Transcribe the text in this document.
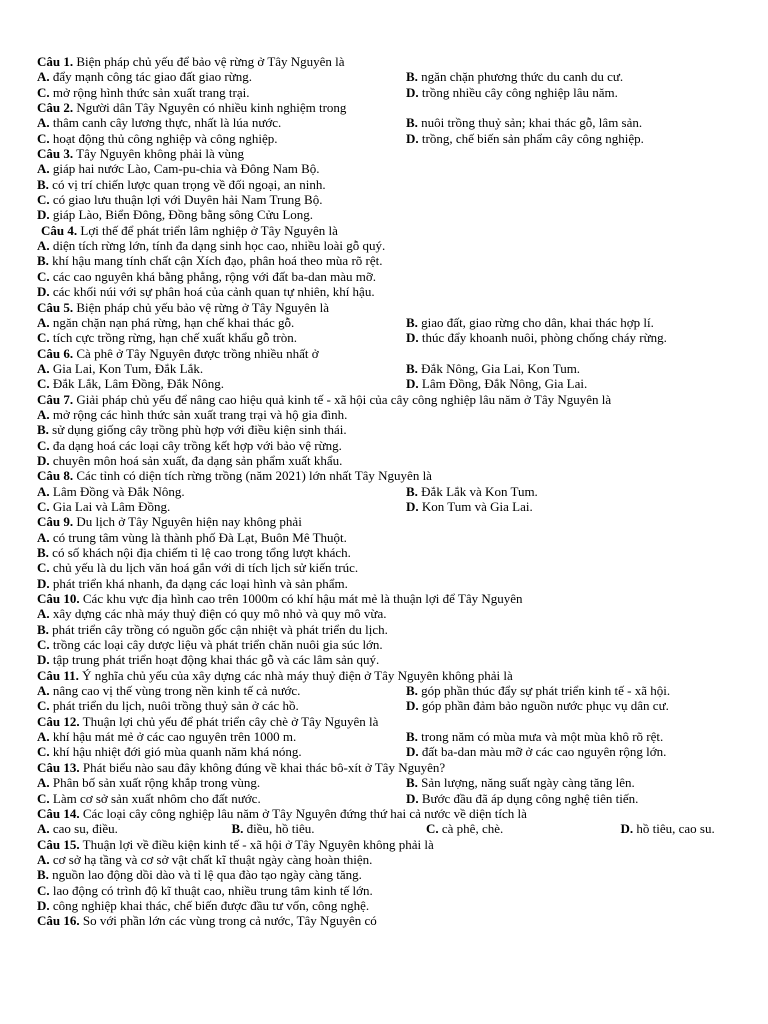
Câu 1. Biện pháp chủ yếu để bảo vệ rừng ở Tây Nguyên là
A. đẩy mạnh công tác giao đất giao rừng.	B. ngăn chặn phương thức du canh du cư.
C. mở rộng hình thức sản xuất trang trại.	D. trồng nhiều cây công nghiệp lâu năm.
Câu 2. Người dân Tây Nguyên có nhiều kinh nghiệm trong
A. thâm canh cây lương thực, nhất là lúa nước.	B. nuôi trồng thuỷ sản; khai thác gỗ, lâm sản.
C. hoạt động thủ công nghiệp và công nghiệp.	D. trồng, chế biến sản phẩm cây công nghiệp.
Câu 3. Tây Nguyên không phải là vùng
A. giáp hai nước Lào, Cam-pu-chia và Đông Nam Bộ.
B. có vị trí chiến lược quan trọng về đối ngoại, an ninh.
C. có giao lưu thuận lợi với Duyên hải Nam Trung Bộ.
D. giáp Lào, Biển Đông, Đồng bằng sông Cửu Long.
Câu 4. Lợi thế để phát triển lâm nghiệp ở Tây Nguyên là
A. diện tích rừng lớn, tính đa dạng sinh học cao, nhiều loài gỗ quý.
B. khí hậu mang tính chất cận Xích đạo, phân hoá theo mùa rõ rệt.
C. các cao nguyên khá bằng phẳng, rộng với đất ba-dan màu mỡ.
D. các khối núi với sự phân hoá của cảnh quan tự nhiên, khí hậu.
Câu 5. Biện pháp chủ yếu bảo vệ rừng ở Tây Nguyên là
A. ngăn chặn nạn phá rừng, hạn chế khai thác gỗ.	B. giao đất, giao rừng cho dân, khai thác hợp lí.
C. tích cực trồng rừng, hạn chế xuất khẩu gỗ tròn.	D. thúc đẩy khoanh nuôi, phòng chống cháy rừng.
Câu 6. Cà phê ở Tây Nguyên được trồng nhiều nhất ở
A. Gia Lai, Kon Tum, Đắk Lắk.	B. Đắk Nông, Gia Lai, Kon Tum.
C. Đắk Lắk, Lâm Đồng, Đắk Nông.	D. Lâm Đồng, Đắk Nông, Gia Lai.
Câu 7. Giải pháp chủ yếu để nâng cao hiệu quả kinh tế - xã hội của cây công nghiệp lâu năm ở Tây Nguyên là
A. mở rộng các hình thức sản xuất trang trại và hộ gia đình.
B. sử dụng giống cây trồng phù hợp với điều kiện sinh thái.
C. đa dạng hoá các loại cây trồng kết hợp với bảo vệ rừng.
D. chuyên môn hoá sản xuất, đa dạng sản phẩm xuất khẩu.
Câu 8. Các tỉnh có diện tích rừng trồng (năm 2021) lớn nhất Tây Nguyên là
A. Lâm Đồng và Đắk Nông.	B. Đắk Lắk và Kon Tum.
C. Gia Lai và Lâm Đồng.	D. Kon Tum và Gia Lai.
Câu 9. Du lịch ở Tây Nguyên hiện nay không phải
A. có trung tâm vùng là thành phố Đà Lạt, Buôn Mê Thuột.
B. có số khách nội địa chiếm tỉ lệ cao trong tổng lượt khách.
C. chủ yếu là du lịch văn hoá gắn với di tích lịch sử kiến trúc.
D. phát triển khá nhanh, đa dạng các loại hình và sản phẩm.
Câu 10. Các khu vực địa hình cao trên 1000m có khí hậu mát mẻ là thuận lợi để Tây Nguyên
A. xây dựng các nhà máy thuỷ điện có quy mô nhỏ và quy mô vừa.
B. phát triển cây trồng có nguồn gốc cận nhiệt và phát triển du lịch.
C. trồng các loại cây dược liệu và phát triển chăn nuôi gia súc lớn.
D. tập trung phát triển hoạt động khai thác gỗ và các lâm sản quý.
Câu 11. Ý nghĩa chủ yếu của xây dựng các nhà máy thuỷ điện ở Tây Nguyên không phải là
A. nâng cao vị thế vùng trong nền kinh tế cả nước.	B. góp phần thúc đẩy sự phát triển kinh tế - xã hội.
C. phát triển du lịch, nuôi trồng thuỷ sản ở các hồ.	D. góp phần đảm bảo nguồn nước phục vụ dân cư.
Câu 12. Thuận lợi chủ yếu để phát triển cây chè ở Tây Nguyên là
A. khí hậu mát mẻ ở các cao nguyên trên 1000 m.	B. trong năm có mùa mưa và một mùa khô rõ rệt.
C. khí hậu nhiệt đới gió mùa quanh năm khá nóng.	D. đất ba-dan màu mỡ ở các cao nguyên rộng lớn.
Câu 13. Phát biểu nào sau đây không đúng về khai thác bô-xít ở Tây Nguyên?
A. Phân bố sản xuất rộng khắp trong vùng.	B. Sản lượng, năng suất ngày càng tăng lên.
C. Làm cơ sở sản xuất nhôm cho đất nước.	D. Bước đầu đã áp dụng công nghệ tiên tiến.
Câu 14. Các loại cây công nghiệp lâu năm ở Tây Nguyên đứng thứ hai cả nước về diện tích là
A. cao su, điều.	B. điều, hồ tiêu.	C. cà phê, chè.	D. hồ tiêu, cao su.
Câu 15. Thuận lợi về điều kiện kinh tế - xã hội ở Tây Nguyên không phải là
A. cơ sở hạ tầng và cơ sở vật chất kĩ thuật ngày càng hoàn thiện.
B. nguồn lao động dồi dào và tỉ lệ qua đào tạo ngày càng tăng.
C. lao động có trình độ kĩ thuật cao, nhiều trung tâm kinh tế lớn.
D. công nghiệp khai thác, chế biến được đầu tư vốn, công nghệ.
Câu 16. So với phần lớn các vùng trong cả nước, Tây Nguyên có
